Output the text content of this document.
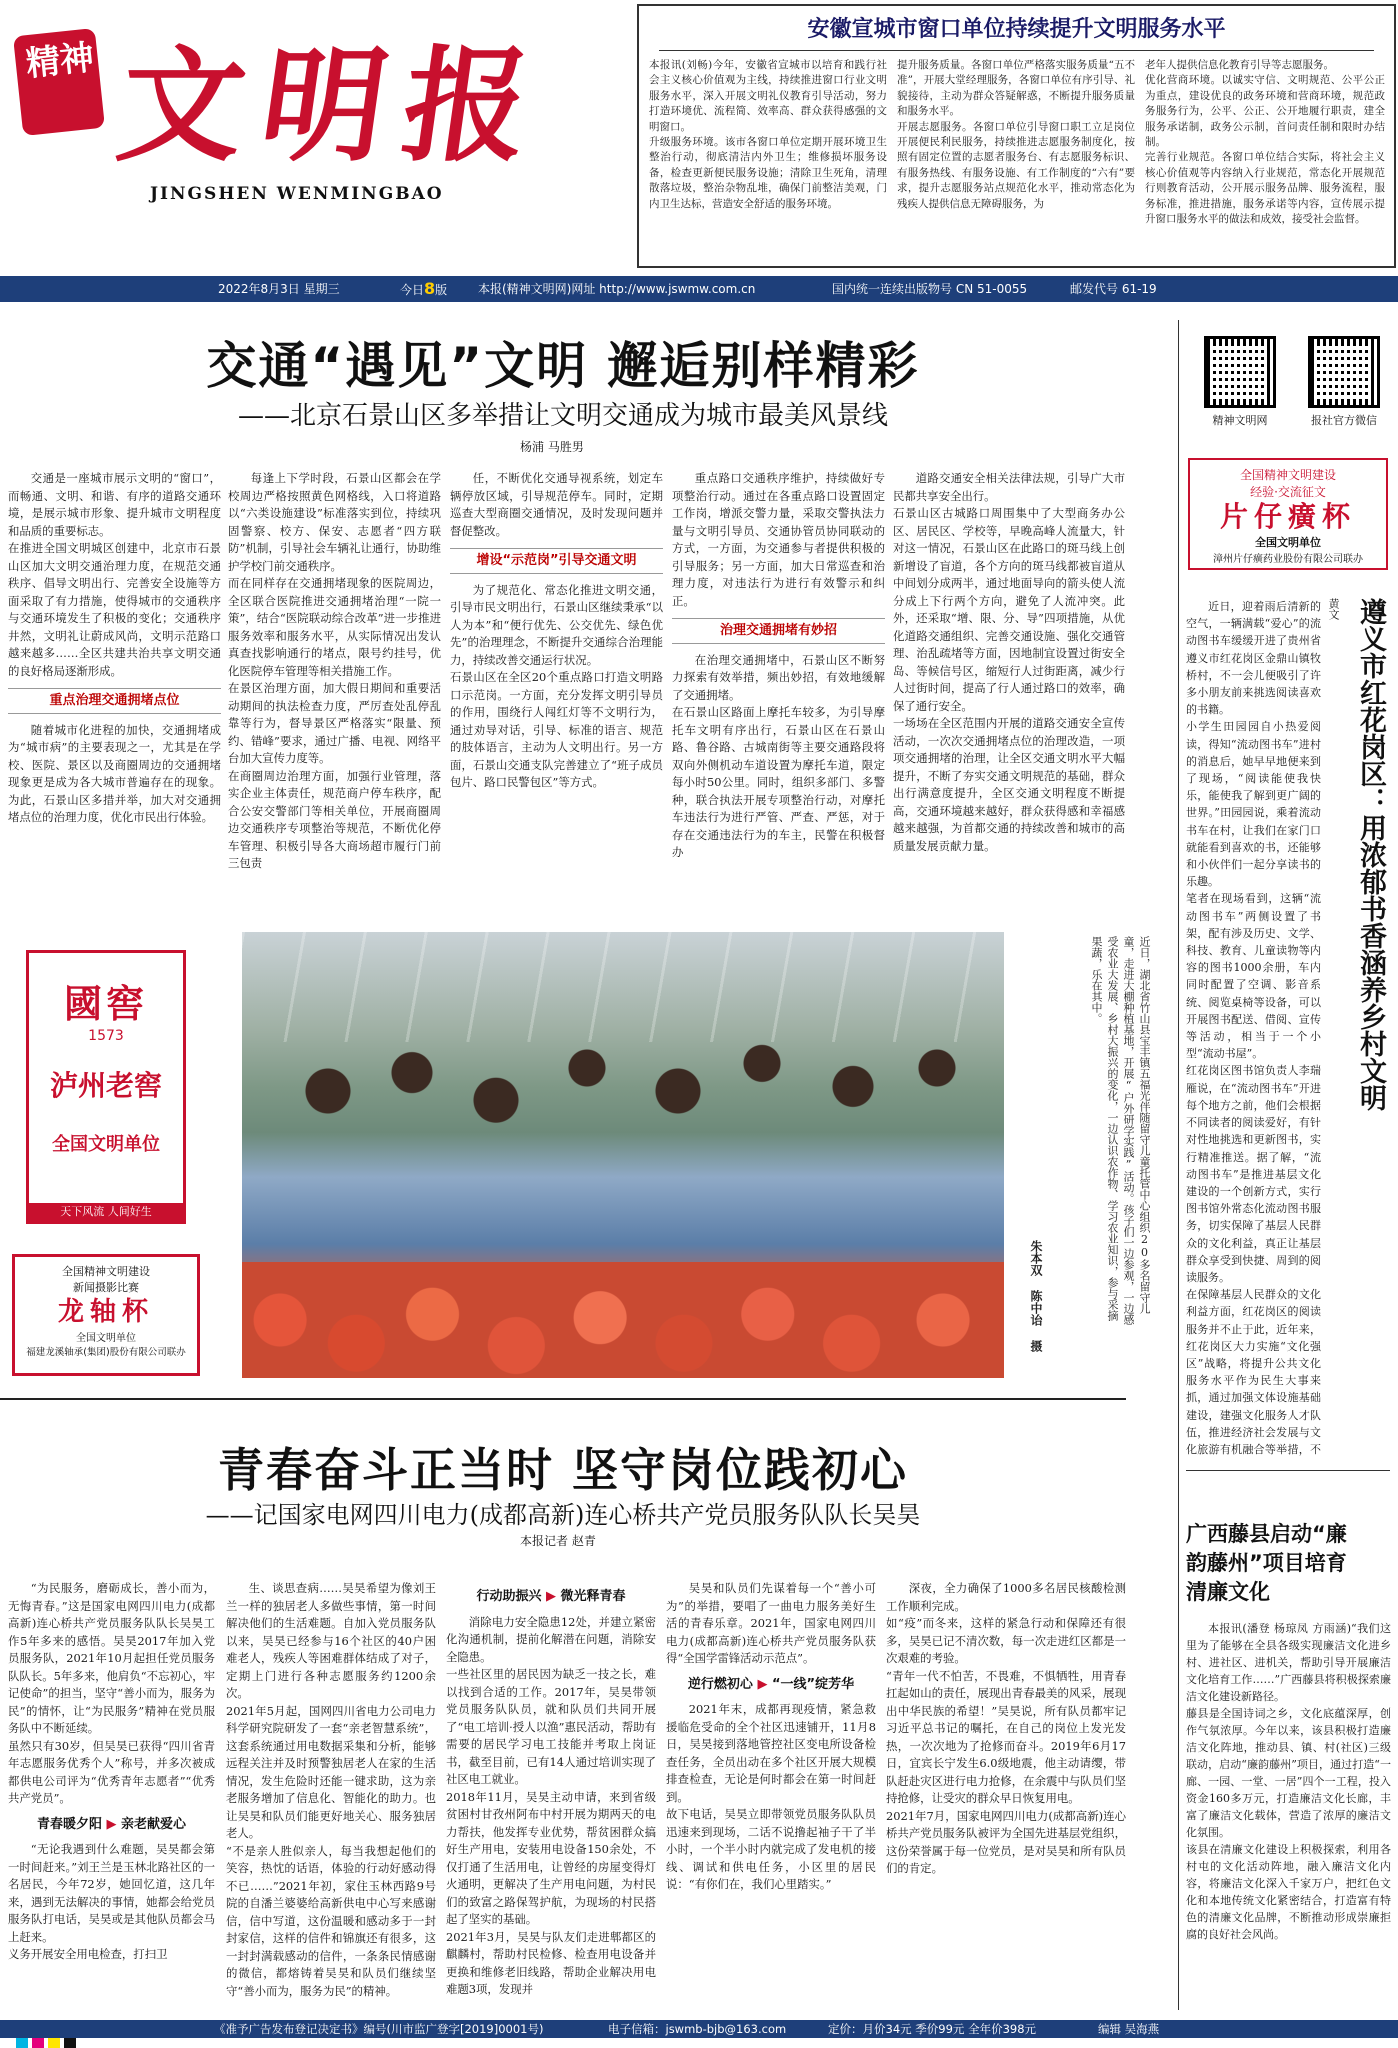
精神 文明报
JINGSHEN WENMINGBAO
安徽宣城市窗口单位持续提升文明服务水平
本报讯(刘畅)今年，安徽省宣城市以培育和践行社会主义核心价值观为主线，持续推进窗口行业文明服务水平，深入开展文明礼仪教育引导活动，努力打造环境优、流程简、效率高、群众获得感强的文明窗口。
升级服务环境。该市各窗口单位定期开展环境卫生整治行动，彻底清洁内外卫生；维修损坏服务设备，检查更新便民服务设施；清除卫生死角，清理散落垃圾，整治杂物乱堆，确保门前整洁美观，门内卫生达标，营造安全舒适的服务环境。
提升服务质量。各窗口单位严格落实服务质量“五不准”，开展大堂经理服务，各窗口单位有序引导、礼貌接待，主动为群众答疑解惑，不断提升服务质量和服务水平。
开展志愿服务。各窗口单位引导窗口职工立足岗位开展便民利民服务，持续推进志愿服务制度化，按照有固定位置的志愿者服务台、有志愿服务标识、有服务热线、有服务设施、有工作制度的“六有”要求，提升志愿服务站点规范化水平，推动常态化为残疾人提供信息无障碍服务，为
老年人提供信息化教育引导等志愿服务。
优化营商环境。以诚实守信、文明规范、公平公正为重点，建设优良的政务环境和营商环境，规范政务服务行为，公平、公正、公开地履行职责，建全服务承诺制，政务公示制，首问责任制和限时办结制。
完善行业规范。各窗口单位结合实际，将社会主义核心价值观等内容纳入行业规范，常态化开展规范行则教育活动，公开展示服务品牌、服务流程，服务标准，推进措施，服务承诺等内容，宣传展示提升窗口服务水平的做法和成效，接受社会监督。
2022年8月3日 星期三	今日8版	本报(精神文明网)网址 http://www.jswmw.com.cn	国内统一连续出版物号 CN 51-0055	邮发代号 61-19
交通“遇见”文明 邂逅别样精彩
——北京石景山区多举措让文明交通成为城市最美风景线
杨浦 马胜男
交通是一座城市展示文明的“窗口”，而畅通、文明、和谐、有序的道路交通环境，是展示城市形象、提升城市文明程度和品质的重要标志。
在推进全国文明城区创建中，北京市石景山区加大文明交通治理力度，在规范交通秩序、倡导文明出行、完善安全设施等方面采取了有力措施，使得城市的交通秩序与交通环境发生了积极的变化；交通秩序井然，文明礼让蔚成风尚，文明示范路口越来越多……全区共建共治共享文明交通的良好格局逐渐形成。
重点治理交通拥堵点位
随着城市化进程的加快，交通拥堵成为“城市病”的主要表现之一，尤其是在学校、医院、景区以及商圈周边的交通拥堵现象更是成为各大城市普遍存在的现象。为此，石景山区多措并举，加大对交通拥堵点位的治理力度，优化市民出行体验。
每逢上下学时段，石景山区都会在学校周边严格按照黄色网格线，入口将道路以“六类设施建设”标准落实到位，持续巩固警察、校方、保安、志愿者“四方联防”机制，引导社会车辆礼让通行，协助维护学校门前交通秩序。
而在同样存在交通拥堵现象的医院周边，全区联合医院推进交通拥堵治理“一院一策”，结合“医院联动综合改革”进一步推进服务效率和服务水平，从实际情况出发认真查找影响通行的堵点，限号约挂号，优化医院停车管理等相关措施工作。
在景区治理方面，加大假日期间和重要活动期间的执法检查力度，严厉查处乱停乱靠等行为，督导景区严格落实“限量、预约、错峰”要求，通过广播、电视、网络平台加大宣传力度等。
在商圈周边治理方面，加强行业管理，落实企业主体责任，规范商户停车秩序，配合公安交警部门等相关单位，开展商圈周边交通秩序专项整治等规范，不断优化停车管理、积极引导各大商场超市履行门前三包责
任，不断优化交通导视系统，划定车辆停放区域，引导规范停车。同时，定期巡查大型商圈交通情况，及时发现问题并督促整改。
增设“示范岗”引导交通文明
为了规范化、常态化推进文明交通，引导市民文明出行，石景山区继续秉承“以人为本”和“便行优先、公交优先、绿色优先”的治理理念，不断提升交通综合治理能力，持续改善交通运行状况。
石景山区在全区20个重点路口打造文明路口示范岗。一方面，充分发挥文明引导员的作用，围绕行人闯红灯等不文明行为，通过劝导对话，引导、标准的语言、规范的肢体语言，主动为人文明出行。另一方面，石景山交通支队完善建立了“班子成员包片、路口民警包区”等方式。
重点路口交通秩序维护，持续做好专项整治行动。通过在各重点路口设置固定工作岗，增派交警力量，采取交警执法力量与文明引导员、交通协管员协同联动的方式，一方面，为交通参与者提供积极的引导服务；另一方面，加大日常巡查和治理力度，对违法行为进行有效警示和纠正。
治理交通拥堵有妙招
在治理交通拥堵中，石景山区不断努力探索有效举措，频出妙招，有效地缓解了交通拥堵。
在石景山区路面上摩托车较多，为引导摩托车文明有序出行，石景山区在石景山路、鲁谷路、古城南街等主要交通路段将双向外侧机动车道设置为摩托车道，限定每小时50公里。同时，组织多部门、多警种，联合执法开展专项整治行动，对摩托车违法行为进行严管、严查、严惩，对于存在交通违法行为的车主，民警在积极督办
道路交通安全相关法律法规，引导广大市民都共享安全出行。
石景山区古城路口周围集中了大型商务办公区、居民区、学校等，早晚高峰人流量大，针对这一情况，石景山区在此路口的斑马线上创新增设了盲道，各个方向的斑马线都被盲道从中间划分成两半，通过地面导向的箭头使人流分成上下行两个方向，避免了人流冲突。此外，还采取“增、限、分、导”四项措施，从优化道路交通组织、完善交通设施、强化交通管理、治乱疏堵等方面，因地制宜设置过街安全岛、等候信号区，缩短行人过街距离，减少行人过街时间，提高了行人通过路口的效率，确保了通行安全。
一场场在全区范围内开展的道路交通安全宣传活动，一次次交通拥堵点位的治理改造，一项项交通拥堵的治理，让全区交通文明水平大幅提升，不断了夯实交通文明规范的基础，群众出行满意度提升，全区交通文明程度不断提高，交通环境越来越好，群众获得感和幸福感越来越强，为首都交通的持续改善和城市的高质量发展贡献力量。
精神文明网	报社官方微信
全国精神文明建设
经验·交流征文
片仔癀杯
全国文明单位
漳州片仔癀药业股份有限公司联办
遵义市红花岗区：用浓郁书香涵养乡村文明
黄文
近日，迎着雨后清新的空气，一辆满载“爱心”的流动图书车缓缓开进了贵州省遵义市红花岗区金鼎山镇牧桥村，不一会儿便吸引了许多小朋友前来挑选阅读喜欢的书籍。
小学生田园园自小热爱阅读，得知“流动图书车”进村的消息后，她早早地便来到了现场，“阅读能使我快乐，能使我了解到更广阔的世界。”田园园说，乘着流动书车在村，让我们在家门口就能看到喜欢的书，还能够和小伙伴们一起分享读书的乐趣。
笔者在现场看到，这辆“流动图书车”两侧设置了书架，配有涉及历史、文学、科技、教育、儿童读物等内容的图书1000余册，车内同时配置了空调、影音系统、阅览桌椅等设备，可以开展图书配送、借阅、宣传等活动，相当于一个小型“流动书屋”。
红花岗区图书馆负责人李瑞雁说，在“流动图书车”开进每个地方之前，他们会根据不同读者的阅读爱好，有针对性地挑选和更新图书，实行精准推送。据了解，“流动图书车”是推进基层文化建设的一个创新方式，实行图书馆外常态化流动图书服务，切实保障了基层人民群众的文化利益，真正让基层群众享受到快捷、周到的阅读服务。
在保障基层人民群众的文化利益方面，红花岗区的阅读服务并不止于此，近年来，红花岗区大力实施“文化强区”战略，将提升公共文化服务水平作为民生大事来抓，通过加强文体设施基础建设，建强文化服务人才队伍，推进经济社会发展与文化旅游有机融合等举措，不
近日，湖北省竹山县宝丰镇五福光伴随留守儿童托管中心组织20多名留守儿童，走进大棚种植基地，开展“户外研学实践”活动。孩子们一边参观，一边感受农业大发展、乡村大振兴的变化，一边认识农作物、学习农业知识，参与采摘果蔬，乐在其中。
朱本双 陈中诒 摄
國窖
1573
泸州老窖
全国文明单位
天下风流 人间好生
全国精神文明建设
新闻摄影比赛
龙轴杯
全国文明单位
福建龙溪轴承(集团)股份有限公司联办
青春奋斗正当时 坚守岗位践初心
——记国家电网四川电力(成都高新)连心桥共产党员服务队队长吴昊
本报记者 赵青
“为民服务，磨砺成长，善小而为，无悔青春。”这是国家电网四川电力(成都高新)连心桥共产党员服务队队长吴昊工作5年多来的感悟。吴昊2017年加入党员服务队，2021年10月起担任党员服务队队长。5年多来，他肩负“不忘初心，牢记使命”的担当，坚守“善小而为，服务为民”的情怀，让“为民服务”精神在党员服务队中不断延续。
虽然只有30岁，但吴昊已获得“四川省青年志愿服务优秀个人”称号，并多次被成都供电公司评为“优秀青年志愿者”“优秀共产党员”。
青春暖夕阳 ▶ 亲老献爱心
“无论我遇到什么难题，吴昊都会第一时间赶来。”刘王兰是玉林北路社区的一名居民，今年72岁，她回忆道，这几年来，遇到无法解决的事情，她都会给党员服务队打电话，吴昊或是其他队员都会马上赶来。
义务开展安全用电检查，打扫卫
生、谈思查病……吴昊希望为像刘王兰一样的独居老人多做些事情，第一时间解决他们的生活难题。自加入党员服务队以来，吴昊已经参与16个社区的40户困难老人，残疾人等困难群体结成了对子，定期上门进行各种志愿服务约1200余次。
2021年5月起，国网四川省电力公司电力科学研究院研发了一套“亲老智慧系统”，这套系统通过用电数据采集和分析，能够远程关注并及时预警独居老人在家的生活情况，发生危险时还能一键求助，这为亲老服务增加了信息化、智能化的助力。也让吴昊和队员们能更好地关心、服务独居老人。
“不是亲人胜似亲人，每当我想起他们的笑容，热忱的话语，体验的行动好感动得不已……”2021年初，家住玉林西路9号院的自潘兰婆婆给高新供电中心写来感谢信，信中写道，这份温暖和感动多于一封封家信，这样的信件和锦旗还有很多，这一封封满载感动的信件，一条条民情感谢的微信，都熔铸着吴昊和队员们继续坚守“善小而为，服务为民”的精神。
行动助振兴 ▶ 微光释青春
消除电力安全隐患12处，并建立紧密化沟通机制，提前化解潜在问题，消除安全隐患。
一些社区里的居民因为缺乏一技之长，难以找到合适的工作。2017年，吴昊带领党员服务队队员，就和队员们共同开展了“电工培训·授人以渔”惠民活动，帮助有需要的居民学习电工技能并考取上岗证书，截至目前，已有14人通过培训实现了社区电工就业。
2018年11月，吴昊主动申请，来到省级贫困村甘孜州阿布中村开展为期两天的电力帮扶，他发挥专业优势，帮贫困群众搞好生产用电，安装用电设备150余处，不仅打通了生活用电，让曾经的房屋变得灯火通明，更解决了生产用电问题，为村民们的致富之路保驾护航，为现场的村民搭起了坚实的基础。
2021年3月，吴昊与队友们走进郫都区的麒麟村，帮助村民检修、检查用电设备并更换和维修老旧线路，帮助企业解决用电难题3项，发现并
吴昊和队员们先谋着每一个“善小可为”的举措，要唱了一曲电力服务美好生活的青春乐章。2021年，国家电网四川电力(成都高新)连心桥共产党员服务队获得“全国学雷锋活动示范点”。
逆行燃初心 ▶ “一线”绽芳华
2021年末，成都再现疫情，紧急救援临危受命的全个社区迅速铺开，11月8日，吴昊接到落地管控社区变电所设备检查任务，全员出动在多个社区开展大规模排查检查，无论是何时都会在第一时间赶到。
故下电话，吴昊立即带领党员服务队队员迅速来到现场，二话不说撸起袖子干了半小时，一个半小时内就完成了发电机的接线、调试和供电任务，小区里的居民说：“有你们在，我们心里踏实。”
深夜，全力确保了1000多名居民核酸检测工作顺利完成。
如“疫”而冬来，这样的紧急行动和保障还有很多，吴昊已记不清次数，每一次走进红区都是一次艰难的考验。
“青年一代不怕苦，不畏难，不惧牺牲，用青春扛起如山的责任，展现出青春最美的风采，展现出中华民族的希望！”吴昊说，所有队员都牢记习近平总书记的嘱托，在自己的岗位上发光发热，一次次地为了抢修而奋斗。2019年6月17日，宜宾长宁发生6.0级地震，他主动请缨，带队赶赴灾区进行电力抢修，在余震中与队员们坚持抢修，让受灾的群众早日恢复用电。
2021年7月，国家电网四川电力(成都高新)连心桥共产党员服务队被评为全国先进基层党组织，这份荣誉属于每一位党员，是对吴昊和所有队员们的肯定。
广西藤县启动“廉韵藤州”项目培育清廉文化
本报讯(潘登 杨琼凤 方雨涵)“我们这里为了能够在全县各级实现廉洁文化进乡村、进社区、进机关，帮助引导开展廉洁文化培育工作……”广西藤县将积极探索廉洁文化建设新路径。
藤县是全国诗词之乡，文化底蕴深厚，创作气氛浓厚。今年以来，该县积极打造廉洁文化阵地，推动县、镇、村(社区)三级联动，启动“廉韵藤州”项目，通过打造“一廊、一园、一堂、一居”四个一工程，投入资金160多万元，打造廉洁文化长廊，丰富了廉洁文化载体，营造了浓厚的廉洁文化氛围。
该县在清廉文化建设上积极探索，利用各村屯的文化活动阵地，融入廉洁文化内容，将廉洁文化深入千家万户，把红色文化和本地传统文化紧密结合，打造富有特色的清廉文化品牌，不断推动形成崇廉拒腐的良好社会风尚。
《准予广告发布登记决定书》编号(川市监广登字[2019]0001号)	电子信箱：jswmb-bjb@163.com	定价：月价34元 季价99元 全年价398元	编辑 吴海燕
